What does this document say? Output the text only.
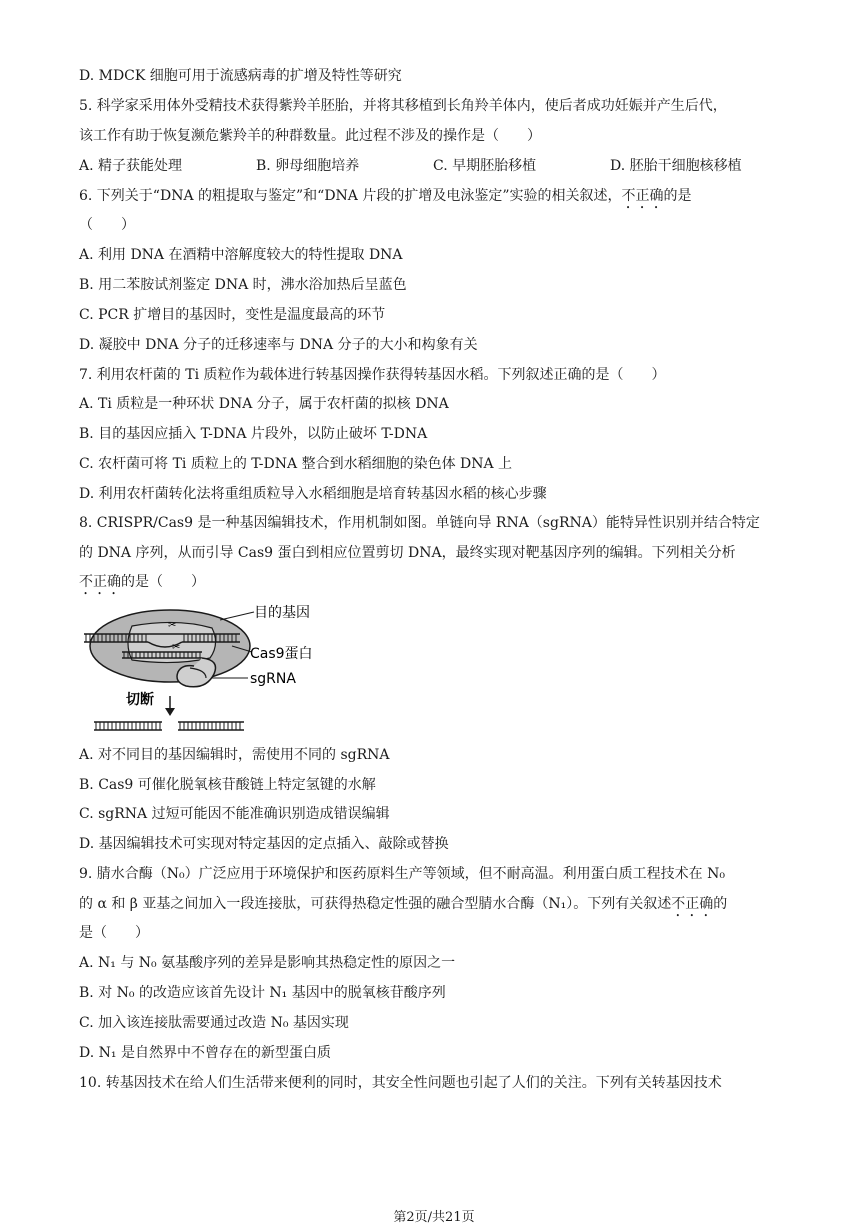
D. MDCK 细胞可用于流感病毒的扩增及特性等研究
5. 科学家采用体外受精技术获得紫羚羊胚胎，并将其移植到长角羚羊体内，使后者成功妊娠并产生后代，
该工作有助于恢复濒危紫羚羊的种群数量。此过程不涉及的操作是（　　）
A. 精子获能处理	B. 卵母细胞培养	C. 早期胚胎移植	D. 胚胎干细胞核移植
6. 下列关于“DNA 的粗提取与鉴定”和“DNA 片段的扩增及电泳鉴定”实验的相关叙述，不正确的是
（　　）
A. 利用 DNA 在酒精中溶解度较大的特性提取 DNA
B. 用二苯胺试剂鉴定 DNA 时，沸水浴加热后呈蓝色
C. PCR 扩增目的基因时，变性是温度最高的环节
D. 凝胶中 DNA 分子的迁移速率与 DNA 分子的大小和构象有关
7. 利用农杆菌的 Ti 质粒作为载体进行转基因操作获得转基因水稻。下列叙述正确的是（　　）
A. Ti 质粒是一种环状 DNA 分子，属于农杆菌的拟核 DNA
B. 目的基因应插入 T-DNA 片段外，以防止破坏 T-DNA
C. 农杆菌可将 Ti 质粒上的 T-DNA 整合到水稻细胞的染色体 DNA 上
D. 利用农杆菌转化法将重组质粒导入水稻细胞是培育转基因水稻的核心步骤
8. CRISPR/Cas9 是一种基因编辑技术，作用机制如图。单链向导 RNA（sgRNA）能特异性识别并结合特定
的 DNA 序列，从而引导 Cas9 蛋白到相应位置剪切 DNA，最终实现对靶基因序列的编辑。下列相关分析
不正确的是（　　）
✂
✂
目的基因
Cas9蛋白
sgRNA
切断
A. 对不同目的基因编辑时，需使用不同的 sgRNA
B. Cas9 可催化脱氧核苷酸链上特定氢键的水解
C. sgRNA 过短可能因不能准确识别造成错误编辑
D. 基因编辑技术可实现对特定基因的定点插入、敲除或替换
9. 腈水合酶（N₀）广泛应用于环境保护和医药原料生产等领域，但不耐高温。利用蛋白质工程技术在 N₀
的 α 和 β 亚基之间加入一段连接肽，可获得热稳定性强的融合型腈水合酶（N₁）。下列有关叙述不正确的
是（　　）
A. N₁ 与 N₀ 氨基酸序列的差异是影响其热稳定性的原因之一
B. 对 N₀ 的改造应该首先设计 N₁ 基因中的脱氧核苷酸序列
C. 加入该连接肽需要通过改造 N₀ 基因实现
D. N₁ 是自然界中不曾存在的新型蛋白质
10. 转基因技术在给人们生活带来便利的同时，其安全性问题也引起了人们的关注。下列有关转基因技术
第2页/共21页
